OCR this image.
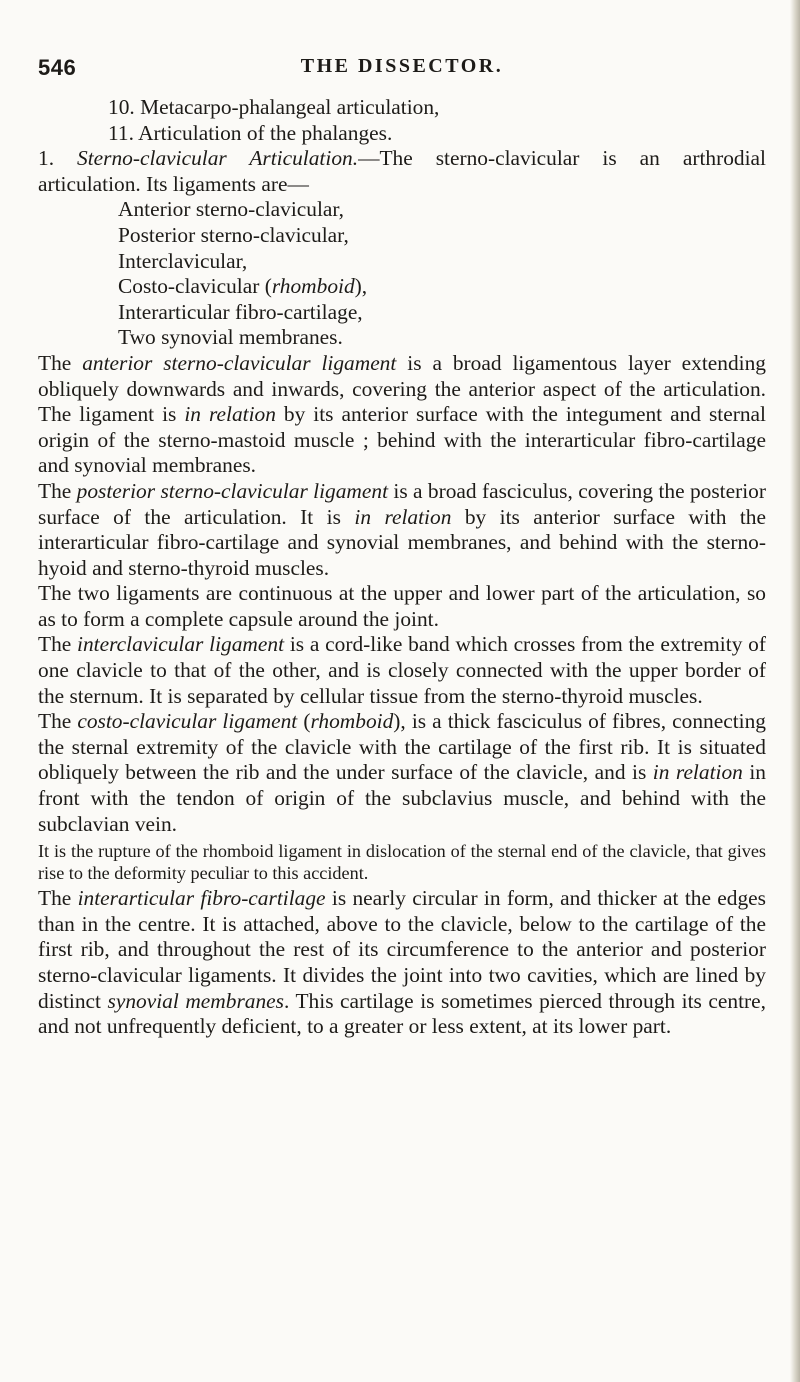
546	THE DISSECTOR.

10. Metacarpo-phalangeal articulation,

11. Articulation of the phalanges.

1. Sterno-clavicular Articulation.—The sterno-clavicular is an arthrodial articulation. Its ligaments are—

Anterior sterno-clavicular,

Posterior sterno-clavicular,

Interclavicular,

Costo-clavicular (rhomboid),

Interarticular fibro-cartilage,

Two synovial membranes.

The anterior sterno-clavicular ligament is a broad ligamentous layer extending obliquely downwards and inwards, covering the anterior aspect of the articulation. The ligament is in relation by its anterior surface with the integument and sternal origin of the sterno-mastoid muscle ; behind with the interarticular fibro-cartilage and synovial membranes.

The posterior sterno-clavicular ligament is a broad fasciculus, covering the posterior surface of the articulation. It is in relation by its anterior surface with the interarticular fibro-cartilage and synovial membranes, and behind with the sterno-hyoid and sterno-thyroid muscles.

The two ligaments are continuous at the upper and lower part of the articulation, so as to form a complete capsule around the joint.

The interclavicular ligament is a cord-like band which crosses from the extremity of one clavicle to that of the other, and is closely connected with the upper border of the sternum. It is separated by cellular tissue from the sterno-thyroid muscles.

The costo-clavicular ligament (rhomboid), is a thick fasciculus of fibres, connecting the sternal extremity of the clavicle with the cartilage of the first rib. It is situated obliquely between the rib and the under surface of the clavicle, and is in relation in front with the tendon of origin of the subclavius muscle, and behind with the subclavian vein.

It is the rupture of the rhomboid ligament in dislocation of the sternal end of the clavicle, that gives rise to the deformity peculiar to this accident.

The interarticular fibro-cartilage is nearly circular in form, and thicker at the edges than in the centre. It is attached, above to the clavicle, below to the cartilage of the first rib, and throughout the rest of its circumference to the anterior and posterior sterno-clavicular ligaments. It divides the joint into two cavities, which are lined by distinct synovial membranes. This cartilage is sometimes pierced through its centre, and not unfrequently deficient, to a greater or less extent, at its lower part.
